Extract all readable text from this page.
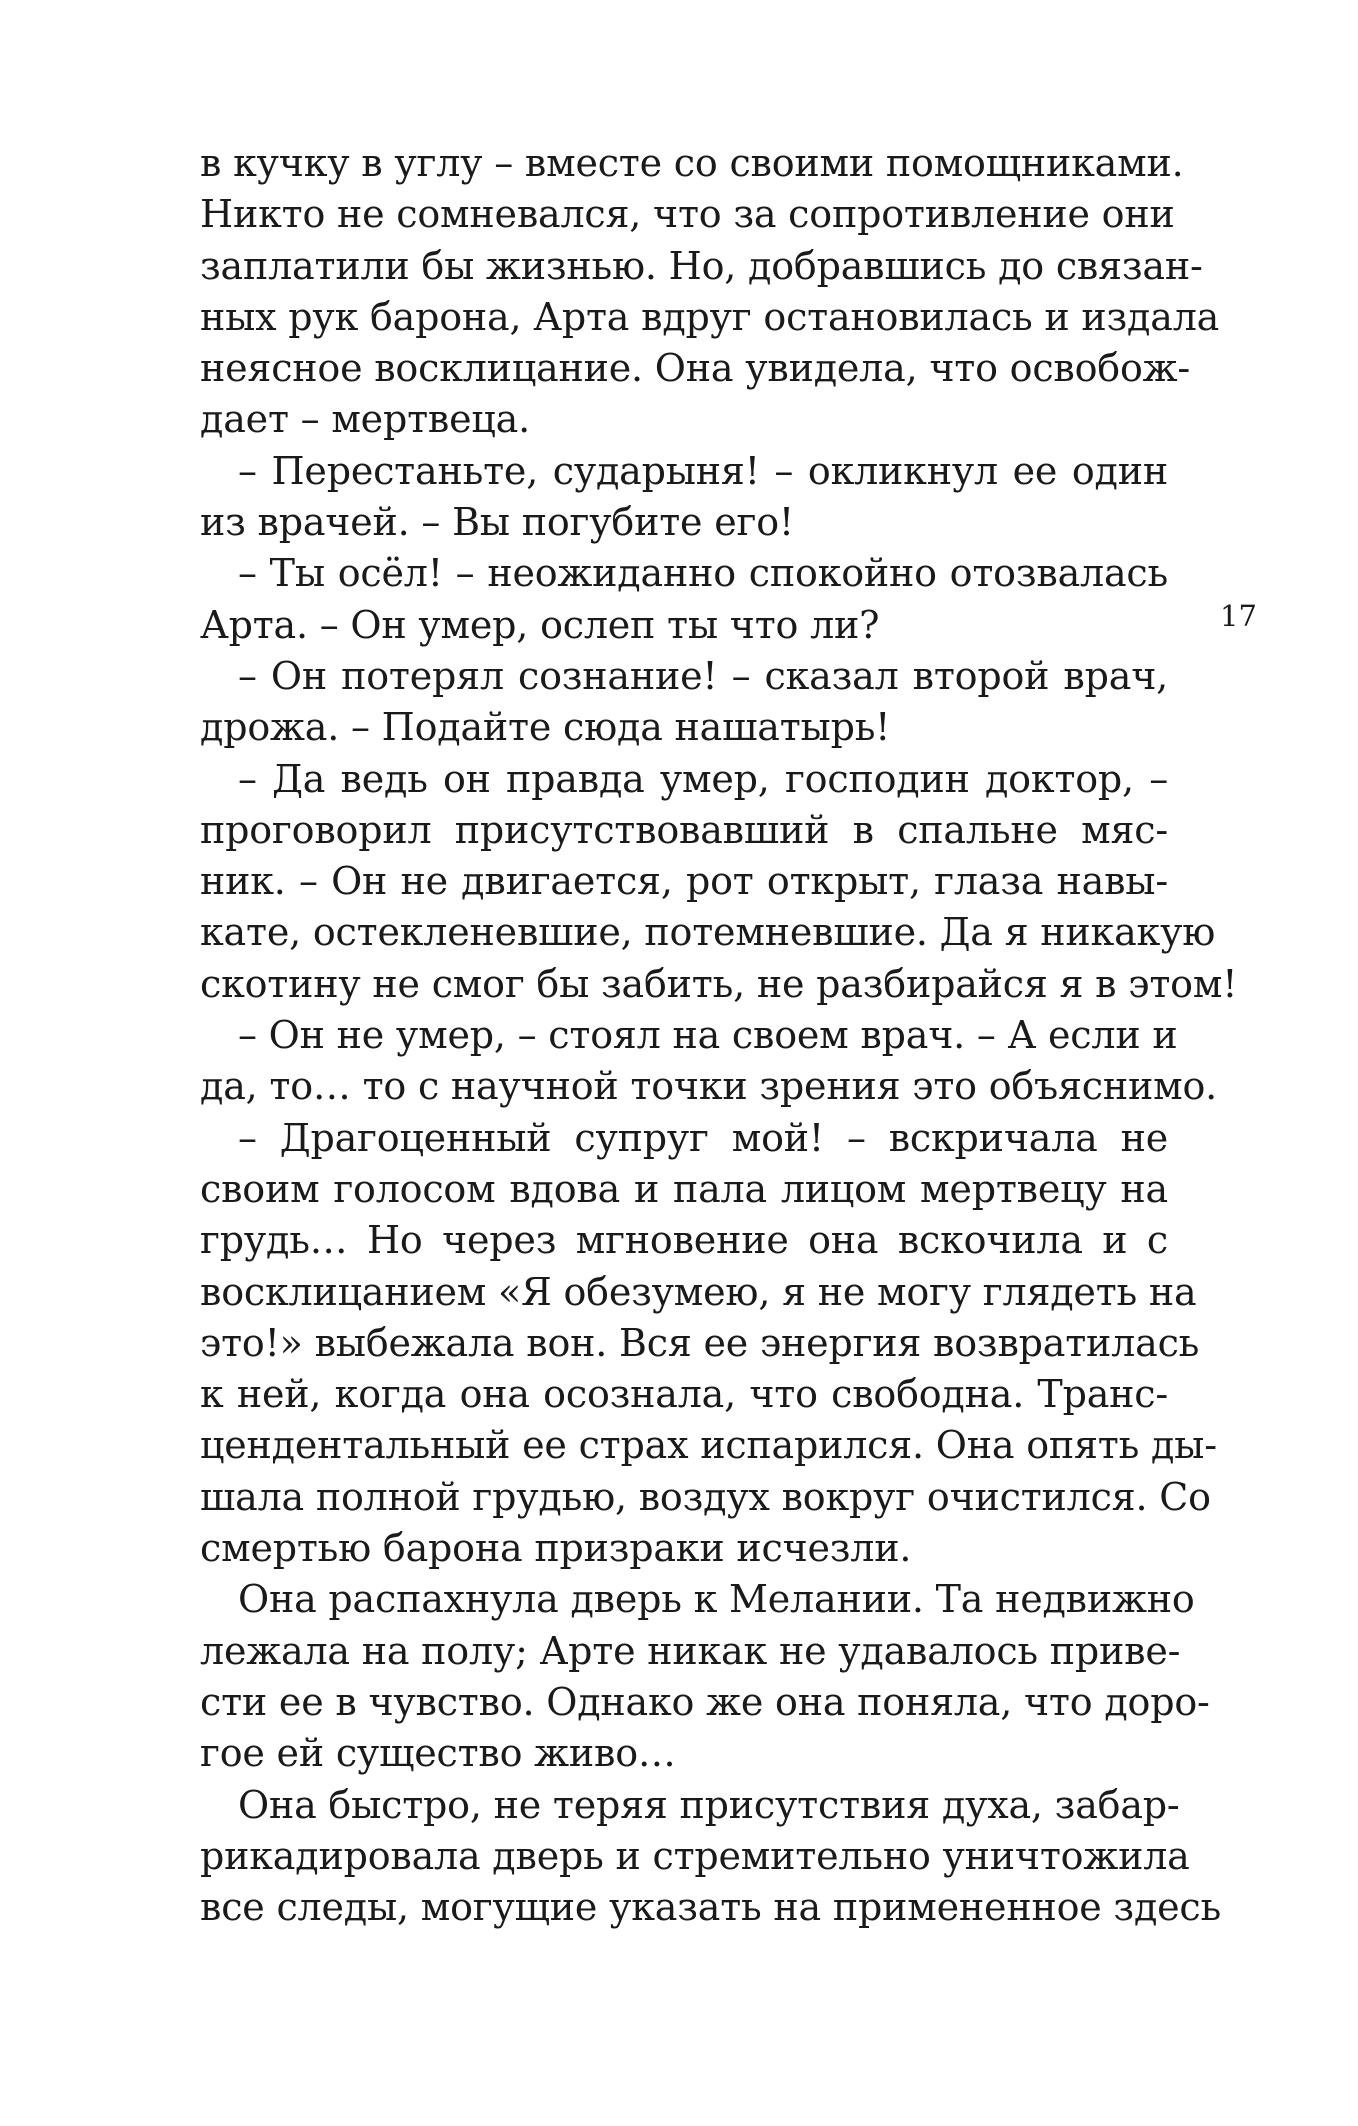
в кучку в углу – вместе со своими помощниками.
Никто не сомневался, что за сопротивление они
заплатили бы жизнью. Но, добравшись до связан-
ных рук барона, Арта вдруг остановилась и издала
неясное восклицание. Она увидела, что освобож-
дает – мертвеца.
– Перестаньте, сударыня! – окликнул ее один
из врачей. – Вы погубите его!
– Ты осёл! – неожиданно спокойно отозвалась
Арта. – Он умер, ослеп ты что ли?
– Он потерял сознание! – сказал второй врач,
дрожа. – Подайте сюда нашатырь!
– Да ведь он правда умер, господин доктор, –
проговорил присутствовавший в спальне мяс-
ник. – Он не двигается, рот открыт, глаза навы-
кате, остекленевшие, потемневшие. Да я никакую
скотину не смог бы забить, не разбирайся я в этом!
– Он не умер, – стоял на своем врач. – А если и
да, то… то с научной точки зрения это объяснимо.
– Драгоценный супруг мой! – вскричала не
своим голосом вдова и пала лицом мертвецу на
грудь… Но через мгновение она вскочила и с
восклицанием «Я обезумею, я не могу глядеть на
это!» выбежала вон. Вся ее энергия возвратилась
к ней, когда она осознала, что свободна. Транс-
цендентальный ее страх испарился. Она опять ды-
шала полной грудью, воздух вокруг очистился. Со
смертью барона призраки исчезли.
Она распахнула дверь к Мелании. Та недвижно
лежала на полу; Арте никак не удавалось приве-
сти ее в чувство. Однако же она поняла, что доро-
гое ей существо живо…
Она быстро, не теряя присутствия духа, забар-
рикадировала дверь и стремительно уничтожила
все следы, могущие указать на примененное здесь
17
